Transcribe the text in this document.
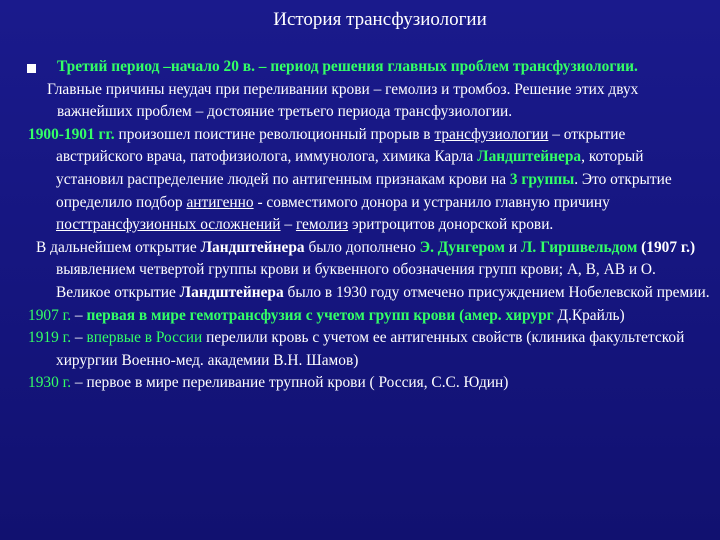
История трансфузиологии

Третий период –начало 20 в. – период решения главных проблем трансфузиологии.

Главные причины неудач при переливании крови – гемолиз и тромбоз. Решение этих двух важнейших проблем – достояние третьего периода трансфузиологии.

1900-1901 гг. произошел поистине революционный прорыв в трансфузиологии – открытие австрийского врача, патофизиолога, иммунолога, химика Карла Ландштейнера, который установил распределение людей по антигенным признакам крови на 3 группы. Это открытие определило подбор антигенно - совместимого донора и устранило главную причину посттрансфузионных осложнений – гемолиз эритроцитов донорской крови.

В дальнейшем открытие Ландштейнера было дополнено Э. Дунгером и Л. Гиршвельдом (1907 г.) выявлением четвертой группы крови и буквенного обозначения групп крови; А, В, АВ и О. Великое открытие Ландштейнера было в 1930 году отмечено присуждением Нобелевской премии.

1907 г. – первая в мире гемотрансфузия с учетом групп крови (амер. хирург Д.Крайль)

1919 г. – впервые в России перелили кровь с учетом ее антигенных свойств (клиника факультетской хирургии Военно-мед. академии В.Н. Шамов)

1930 г. – первое в мире переливание трупной крови ( Россия, С.С. Юдин)
